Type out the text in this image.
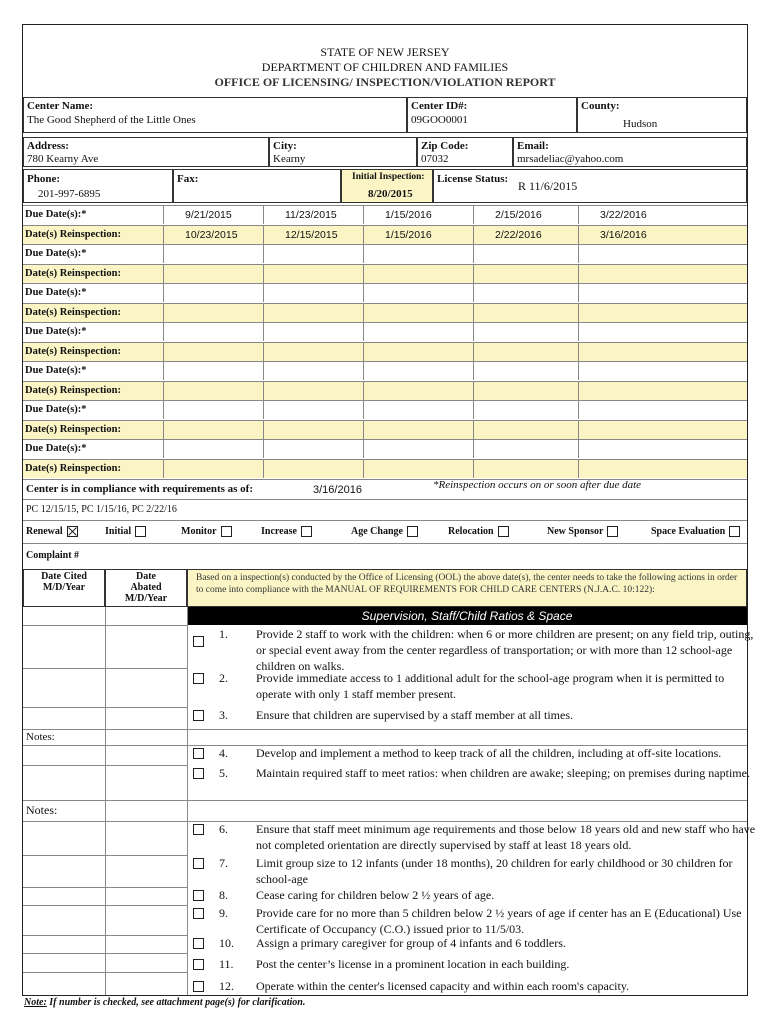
STATE OF NEW JERSEY
DEPARTMENT OF CHILDREN AND FAMILIES
OFFICE OF LICENSING/ INSPECTION/VIOLATION REPORT
Center Name:
The Good Shepherd of the Little Ones
Center ID#:
09GOO0001
County:
Hudson
Address:
780 Kearny Ave
City:
Kearny
Zip Code:
07032
Email:
mrsadeliac@yahoo.com
Phone:
201-997-6895
Fax:	Initial Inspection:
8/20/2015
License Status: R 11/6/2015
Due Date(s):*	9/21/2015	11/23/2015	1/15/2016	2/15/2016	3/22/2016
Date(s) Reinspection:	10/23/2015	12/15/2015	1/15/2016	2/22/2016	3/16/2016
Due Date(s):*
Date(s) Reinspection:
Due Date(s):*
Date(s) Reinspection:
Due Date(s):*
Date(s) Reinspection:
Due Date(s):*
Date(s) Reinspection:
Due Date(s):*
Date(s) Reinspection:
Due Date(s):*
Date(s) Reinspection:
Center is in compliance with requirements as of:	3/16/2016	*Reinspection occurs on or soon after due date
PC 12/15/15, PC 1/15/16, PC 2/22/16
Renewal	Initial	Monitor	Increase	Age Change	Relocation	New Sponsor	Space Evaluation
Complaint #
Date Cited M/D/Year
Date Abated M/D/Year
Based on a inspection(s) conducted by the Office of Licensing (OOL) the above date(s), the center needs to take the following actions in order to come into compliance with the MANUAL OF REQUIREMENTS FOR CHILD CARE CENTERS (N.J.A.C. 10:122):
Supervision, Staff/Child Ratios & Space
Notes:
Notes:
1. Provide 2 staff to work with the children: when 6 or more children are present; on any field trip, outing, or special event away from the center regardless of transportation; or with more than 12 school-age children on walks.
2. Provide immediate access to 1 additional adult for the school-age program when it is permitted to operate with only 1 staff member present.
3. Ensure that children are supervised by a staff member at all times.
4. Develop and implement a method to keep track of all the children, including at off-site locations.
5. Maintain required staff to meet ratios: when children are awake; sleeping; on premises during naptime.
6. Ensure that staff meet minimum age requirements and those below 18 years old and new staff who have not completed orientation are directly supervised by staff at least 18 years old.
7. Limit group size to 12 infants (under 18 months), 20 children for early childhood or 30 children for school-age
8. Cease caring for children below 2 ½ years of age.
9. Provide care for no more than 5 children below 2 ½ years of age if center has an E (Educational) Use Certificate of Occupancy (C.O.) issued prior to 11/5/03.
10. Assign a primary caregiver for group of 4 infants and 6 toddlers.
11. Post the center’s license in a prominent location in each building.
12. Operate within the center's licensed capacity and within each room's capacity.
Note: If number is checked, see attachment page(s) for clarification.
